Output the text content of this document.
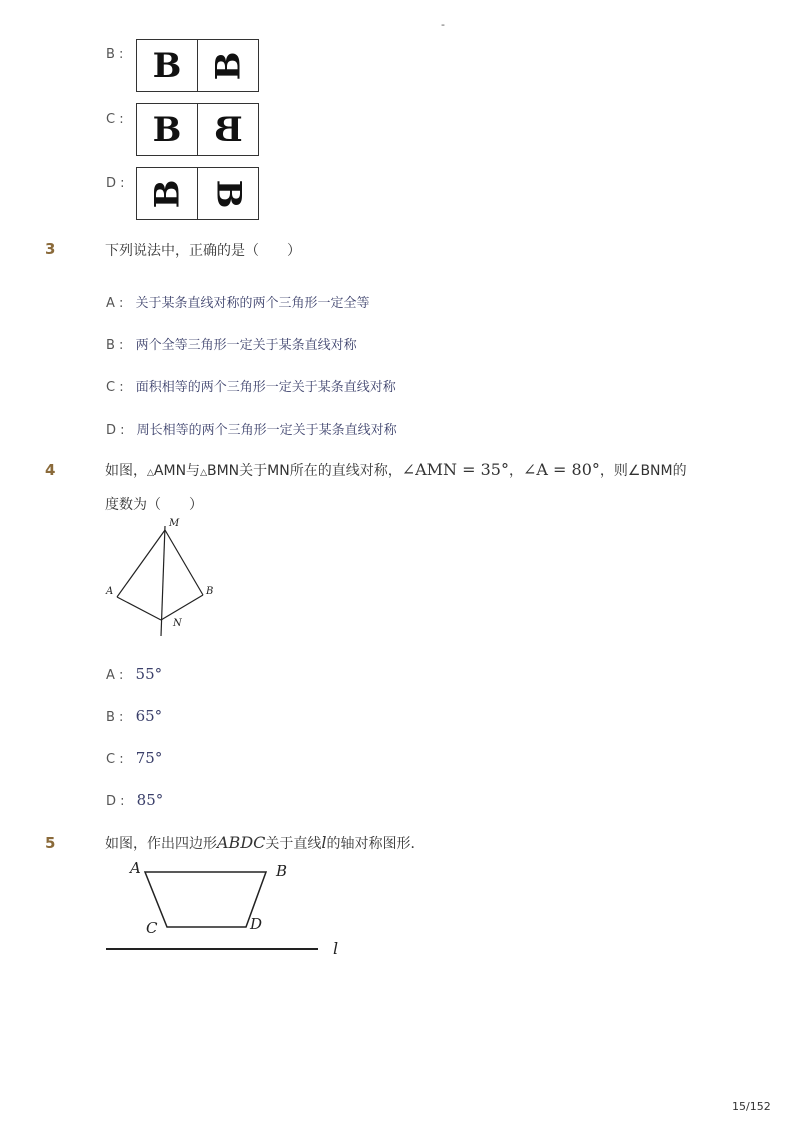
-
B : B B
C : B B
D : B B
3	下列说法中，正确的是（　　）
A : 关于某条直线对称的两个三角形一定全等
B : 两个全等三角形一定关于某条直线对称
C : 面积相等的两个三角形一定关于某条直线对称
D : 周长相等的两个三角形一定关于某条直线对称
4	如图，△AMN与△BMN关于MN所在的直线对称，∠AMN = 35°，∠A = 80°，则∠BNM的
度数为（　　）
M
A	B
N
A : 55°
B : 65°
C : 75°
D : 85°
5	如图，作出四边形ABDC关于直线l的轴对称图形．
A	B
C	D
l
15/152
